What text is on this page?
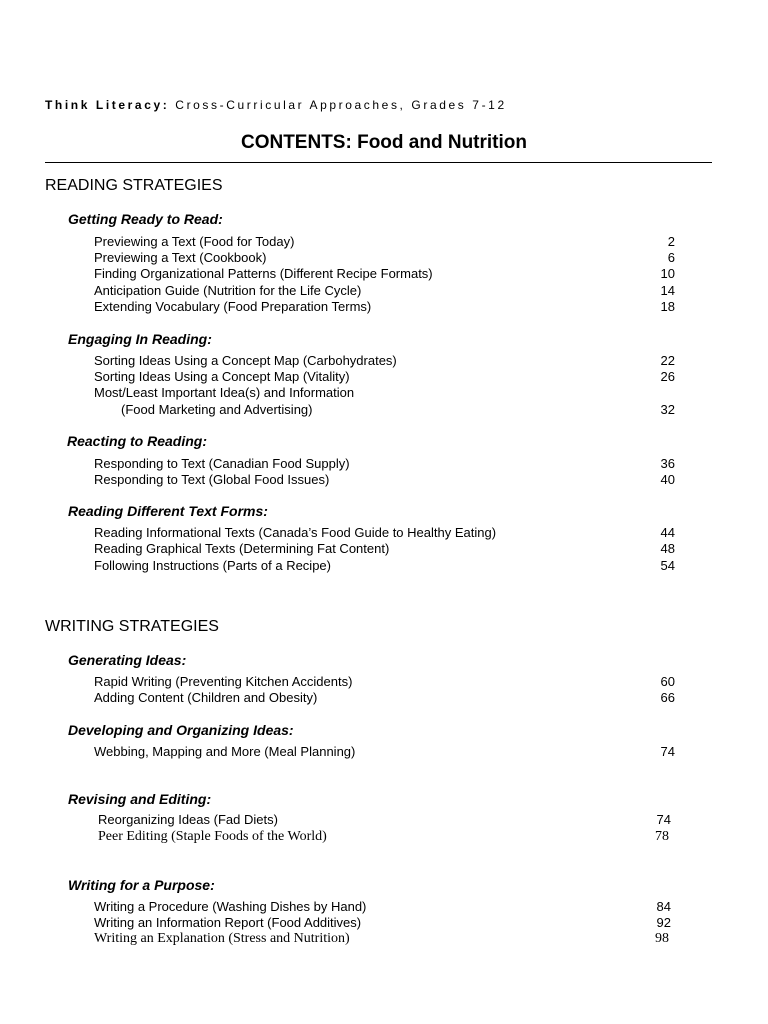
Think Literacy: Cross-Curricular Approaches, Grades 7-12
CONTENTS: Food and Nutrition
READING STRATEGIES
Getting Ready to Read:
Previewing a Text (Food for Today)	2
Previewing a Text (Cookbook)	6
Finding Organizational Patterns (Different Recipe Formats)	10
Anticipation Guide (Nutrition for the Life Cycle)	14
Extending Vocabulary (Food Preparation Terms)	18
Engaging In Reading:
Sorting Ideas Using a Concept Map (Carbohydrates)	22
Sorting Ideas Using a Concept Map (Vitality)	26
Most/Least Important Idea(s) and Information
(Food Marketing and Advertising)	32
Reacting to Reading:
Responding to Text (Canadian Food Supply)	36
Responding to Text (Global Food Issues)	40
Reading Different Text Forms:
Reading Informational Texts (Canada’s Food Guide to Healthy Eating)	44
Reading Graphical Texts (Determining Fat Content)	48
Following Instructions (Parts of a Recipe)	54
WRITING STRATEGIES
Generating Ideas:
Rapid Writing (Preventing Kitchen Accidents)	60
Adding Content (Children and Obesity)	66
Developing and Organizing Ideas:
Webbing, Mapping and More (Meal Planning)	74
Revising and Editing:
Reorganizing Ideas (Fad Diets)	74
Peer Editing (Staple Foods of the World)	78
Writing for a Purpose:
Writing a Procedure (Washing Dishes by Hand)	84
Writing an Information Report (Food Additives)	92
Writing an Explanation (Stress and Nutrition)	98
